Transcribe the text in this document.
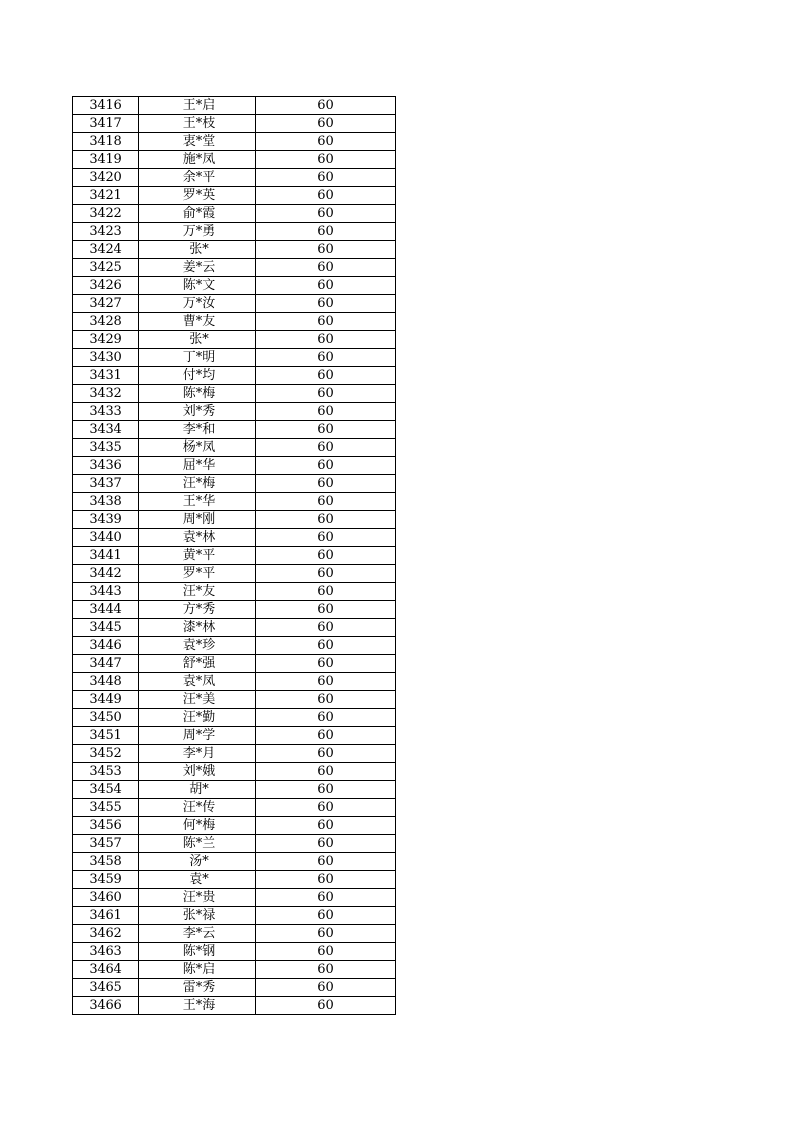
3416	王*启	60
3417	王*枝	60
3418	衷*堂	60
3419	施*凤	60
3420	余*平	60
3421	罗*英	60
3422	俞*霞	60
3423	万*勇	60
3424	张*	60
3425	姜*云	60
3426	陈*文	60
3427	万*汝	60
3428	曹*友	60
3429	张*	60
3430	丁*明	60
3431	付*均	60
3432	陈*梅	60
3433	刘*秀	60
3434	李*和	60
3435	杨*凤	60
3436	屈*华	60
3437	汪*梅	60
3438	王*华	60
3439	周*刚	60
3440	袁*林	60
3441	黄*平	60
3442	罗*平	60
3443	汪*友	60
3444	方*秀	60
3445	漆*林	60
3446	袁*珍	60
3447	舒*强	60
3448	袁*凤	60
3449	汪*美	60
3450	汪*勤	60
3451	周*学	60
3452	李*月	60
3453	刘*娥	60
3454	胡*	60
3455	汪*传	60
3456	何*梅	60
3457	陈*兰	60
3458	汤*	60
3459	袁*	60
3460	汪*贵	60
3461	张*禄	60
3462	李*云	60
3463	陈*钢	60
3464	陈*启	60
3465	雷*秀	60
3466	王*海	60
